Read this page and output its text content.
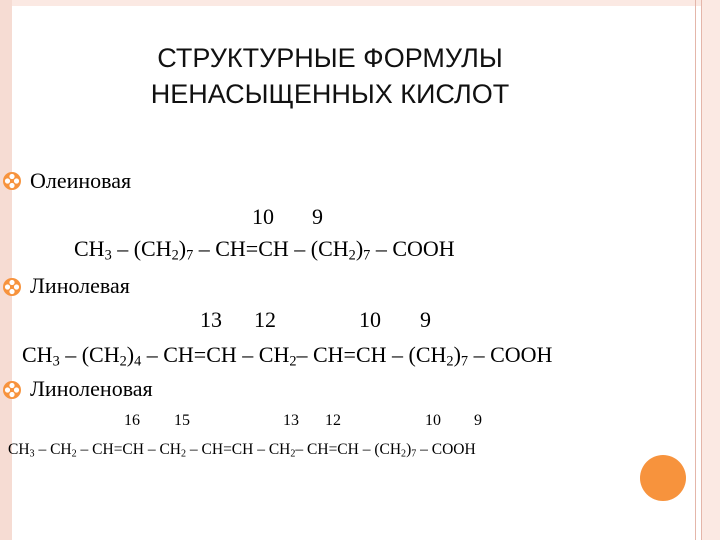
СТРУКТУРНЫЕ ФОРМУЛЫ
НЕНАСЫЩЕННЫХ КИСЛОТ
Олеиновая
10 9
$CH_3 - (CH_2)_7 - CH=CH - (CH_2)_7$ – COOH
Линолевая
13 12	10 9
$CH_3 - (CH_2)_4 - CH=CH - CH_2-$ $CH=CH - (CH_2)_7$ – COOH
Линоленовая
16 15	13 12	10 9
$CH_3 - CH_2 - CH=CH - CH_2 - CH=CH - CH_2-$ $CH=CH - (CH_2)_7$ – COOH
